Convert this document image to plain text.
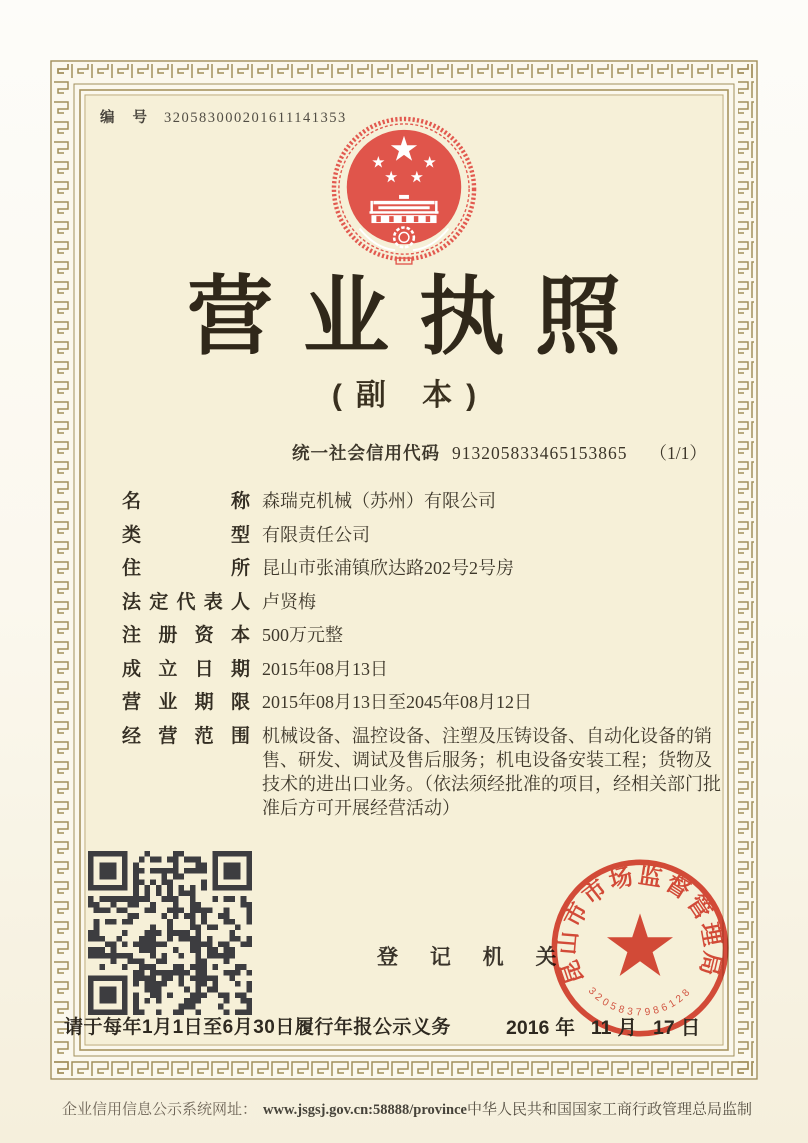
编 号 320583000201611141353
营业执照
(副 本)
统一社会信用代码 913205833465153865 （1/1）
名	称 森瑞克机械（苏州）有限公司
类	型 有限责任公司
住	所 昆山市张浦镇欣达路202号2号房
法 定 代 表 人 卢贤梅
注 册 资 本 500万元整
成 立 日 期 2015年08月13日
营 业 期 限 2015年08月13日至2045年08月12日
经 营 范 围 机械设备、温控设备、注塑及压铸设备、自动化设备的销售、研发、调试及售后服务；机电设备安装工程；货物及技术的进出口业务。（依法须经批准的项目，经相关部门批准后方可开展经营活动）
登 记 机 关
昆山市市场监督管理局
3205837986128
请于每年1月1日至6月30日履行年报公示义务	2016 年 11 月 17 日
企业信用信息公示系统网址： www.jsgsj.gov.cn:58888/province 中华人民共和国国家工商行政管理总局监制
